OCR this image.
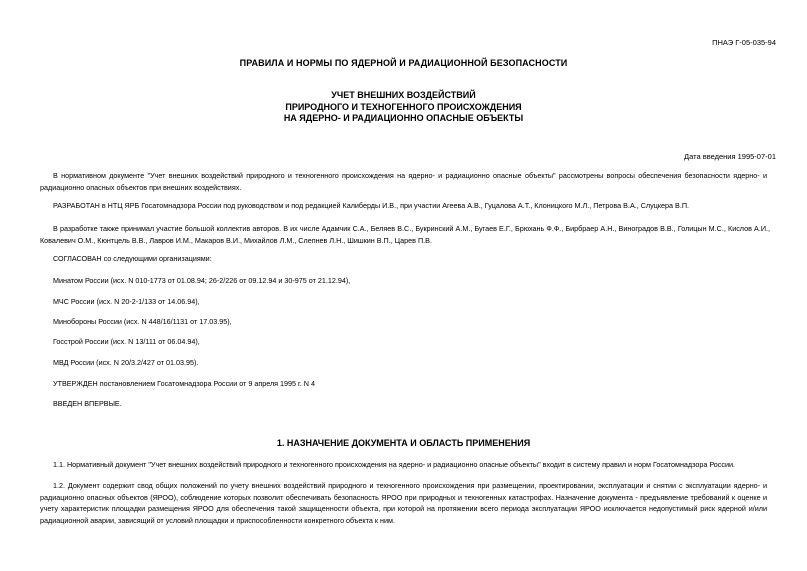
ПНАЭ Г-05-035-94
ПРАВИЛА И НОРМЫ ПО ЯДЕРНОЙ И РАДИАЦИОННОЙ БЕЗОПАСНОСТИ
УЧЕТ ВНЕШНИХ ВОЗДЕЙСТВИЙ
ПРИРОДНОГО И ТЕХНОГЕННОГО ПРОИСХОЖДЕНИЯ
НА ЯДЕРНО- И РАДИАЦИОННО ОПАСНЫЕ ОБЪЕКТЫ
Дата введения 1995-07-01
В нормативном документе "Учет внешних воздействий природного и техногенного происхождения на ядерно- и радиационно опасные объекты" рассмотрены вопросы обеспечения безопасности ядерно- и радиационно опасных объектов при внешних воздействиях.
РАЗРАБОТАН в НТЦ ЯРБ Госатомнадзора России под руководством и под редакцией Калиберды И.В., при участии Агеева А.В., Гуцалова А.Т., Клоницкого М.Л., Петрова В.А., Слуцкера В.П.
В разработке также принимал участие большой коллектив авторов. В их числе Адамчик С.А., Беляев В.С., Букринский А.М., Бугаев Е.Г., Брюхань Ф.Ф., Бирбраер А.Н., Виноградов В.В., Голицын М.С., Кислов А.И., Ковалевич О.М., Кюнтцель В.В., Лавров И.М., Макаров В.И., Михайлов Л.М., Слепнев Л.Н., Шишкин В.П., Царев П.В.
СОГЛАСОВАН со следующими организациями:
Минатом России (исх. N 010-1773 от 01.08.94; 26-2/226 от 09.12.94 и 30-975 от 21.12.94),
МЧС России (исх. N 20-2-1/133 от 14.06.94),
Минобороны России (исх. N 448/16/1131 от 17.03.95),
Госстрой России (исх. N 13/111 от 06.04.94),
МВД России (исх. N 20/3.2/427 от 01.03.95).
УТВЕРЖДЕН постановлением Госатомнадзора России от 9 апреля 1995 г. N 4
ВВЕДЕН ВПЕРВЫЕ.
1. НАЗНАЧЕНИЕ ДОКУМЕНТА И ОБЛАСТЬ ПРИМЕНЕНИЯ
1.1. Нормативный документ "Учет внешних воздействий природного и техногенного происхождения на ядерно- и радиационно опасные объекты" входит в систему правил и норм Госатомнадзора России.
1.2. Документ содержит свод общих положений по учету внешних воздействий природного и техногенного происхождения при размещении, проектировании, эксплуатации и снятии с эксплуатации ядерно- и радиационно опасных объектов (ЯРОО), соблюдение которых позволит обеспечивать безопасность ЯРОО при природных и техногенных катастрофах. Назначение документа - предъявление требований к оценке и учету характеристик площадки размещения ЯРОО для обеспечения такой защищенности объекта, при которой на протяжении всего периода эксплуатации ЯРОО исключается недопустимый риск ядерной и/или радиационной аварии, зависящий от условий площадки и приспособленности конкретного объекта к ним.
